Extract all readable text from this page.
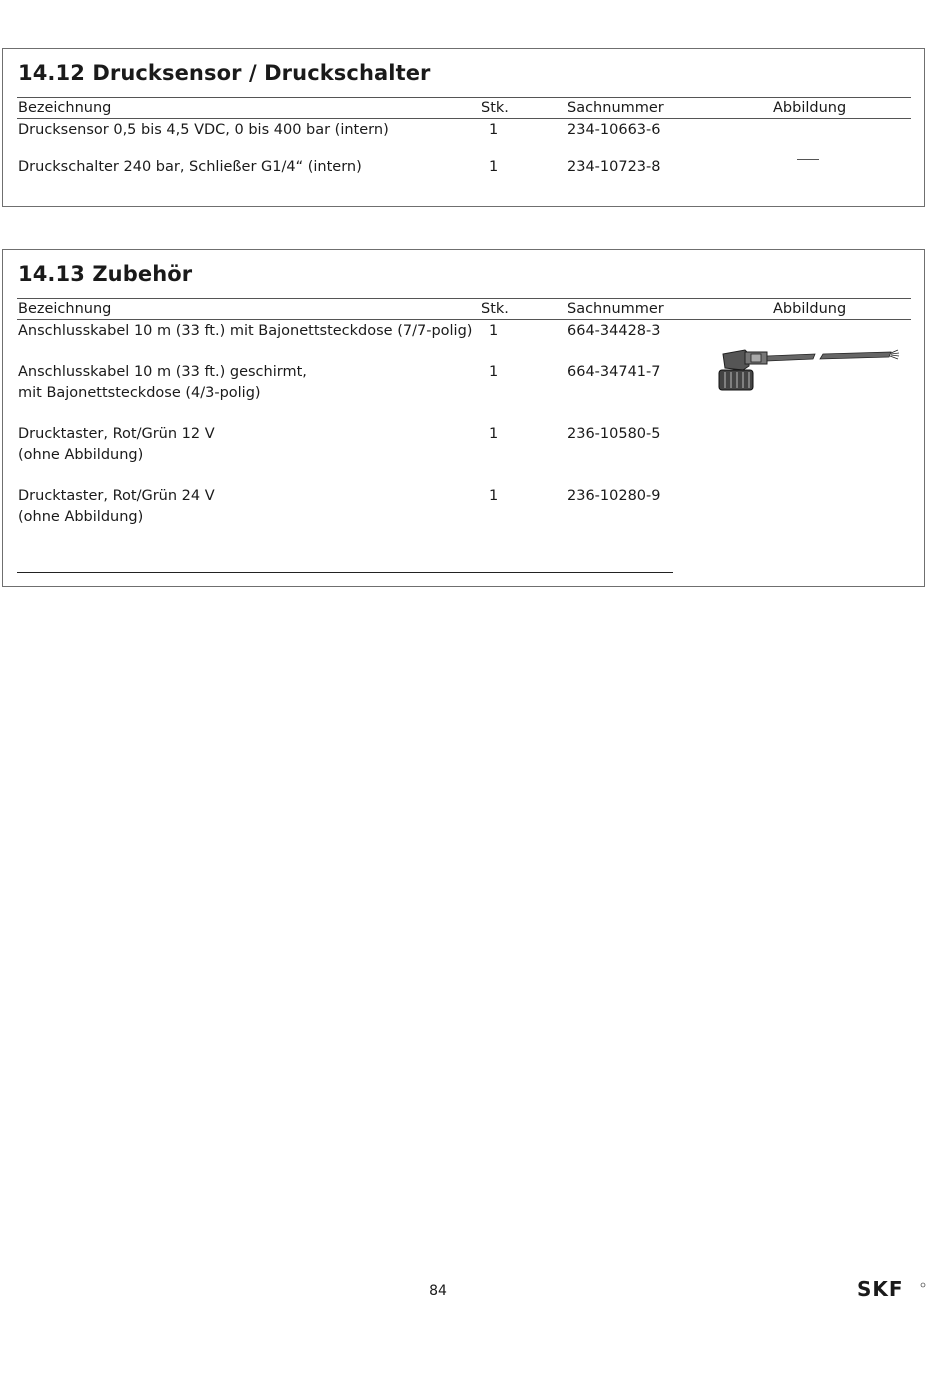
14.12 Drucksensor / Druckschalter
Bezeichnung	Stk.	Sachnummer	Abbildung
Drucksensor 0,5 bis 4,5 VDC, 0 bis 400 bar (intern)	1	234-10663-6
Druckschalter 240 bar, Schließer G1/4“ (intern)	1	234-10723-8
14.13 Zubehör
Bezeichnung	Stk.	Sachnummer	Abbildung
Anschlusskabel 10 m (33 ft.) mit Bajonettsteckdose (7/7-polig) 1	664-34428-3
Anschlusskabel 10 m (33 ft.) geschirmt,
mit Bajonettsteckdose (4/3-polig)
1	664-34741-7
Drucktaster, Rot/Grün 12 V
(ohne Abbildung)
1	236-10580-5
Drucktaster, Rot/Grün 24 V
(ohne Abbildung)
1	236-10280-9
84	SKF
